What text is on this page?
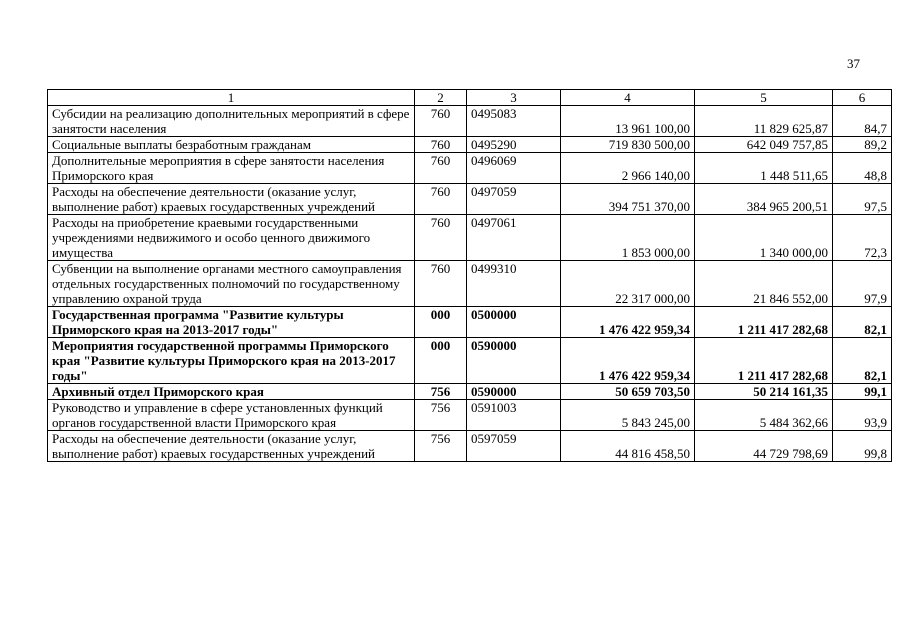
37
1	2	3	4	5	6
Субсидии на реализацию дополнительных мероприятий в сфере занятости населения	760	0495083	13 961 100,00	11 829 625,87	84,7
Социальные выплаты безработным гражданам	760	0495290	719 830 500,00	642 049 757,85	89,2
Дополнительные мероприятия в сфере занятости населения Приморского края	760	0496069	2 966 140,00	1 448 511,65	48,8
Расходы на обеспечение деятельности (оказание услуг, выполнение работ) краевых государственных учреждений	760	0497059	394 751 370,00	384 965 200,51	97,5
Расходы на приобретение краевыми государственными учреждениями недвижимого и особо ценного движимого имущества	760	0497061	1 853 000,00	1 340 000,00	72,3
Субвенции на выполнение органами местного самоуправления отдельных государственных полномочий по государственному управлению охраной труда	760	0499310	22 317 000,00	21 846 552,00	97,9
Государственная программа "Развитие культуры Приморского края на 2013-2017 годы"	000	0500000	1 476 422 959,34	1 211 417 282,68	82,1
Мероприятия государственной программы Приморского края "Развитие культуры Приморского края на 2013-2017 годы"	000	0590000	1 476 422 959,34	1 211 417 282,68	82,1
Архивный отдел Приморского края	756	0590000	50 659 703,50	50 214 161,35	99,1
Руководство и управление в сфере установленных функций органов государственной власти Приморского края	756	0591003	5 843 245,00	5 484 362,66	93,9
Расходы на обеспечение деятельности (оказание услуг, выполнение работ) краевых государственных учреждений	756	0597059	44 816 458,50	44 729 798,69	99,8
